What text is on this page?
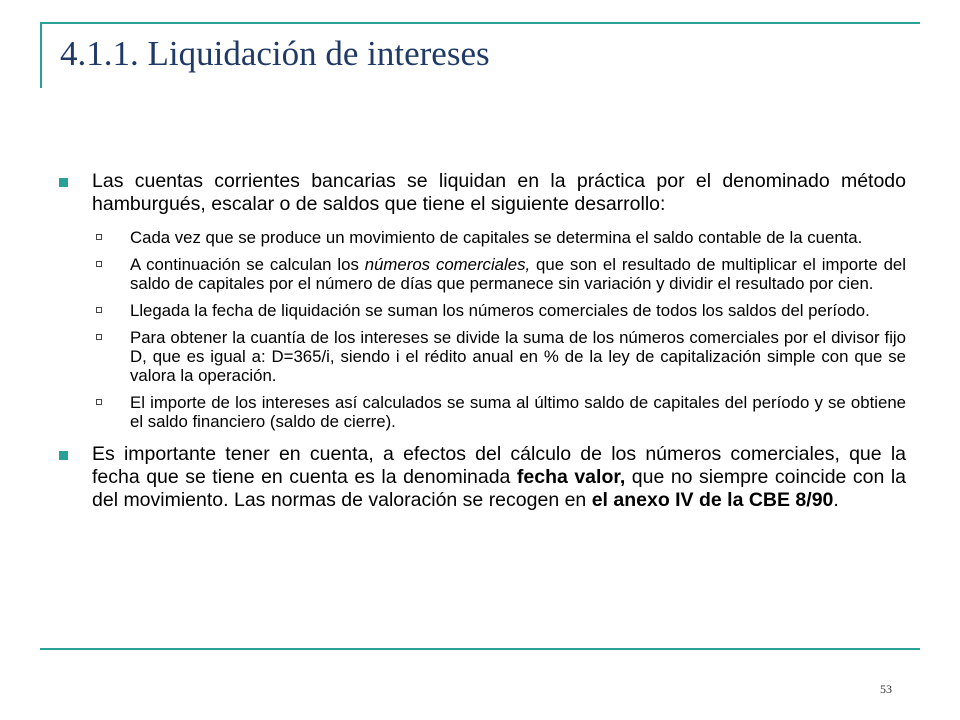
4.1.1. Liquidación de intereses

Las cuentas corrientes bancarias se liquidan en la práctica por el denominado método hamburgués, escalar o de saldos que tiene el siguiente desarrollo:

Cada vez que se produce un movimiento de capitales se determina el saldo contable de la cuenta.
A continuación se calculan los números comerciales, que son el resultado de multiplicar el importe del saldo de capitales por el número de días que permanece sin variación y dividir el resultado por cien.
Llegada la fecha de liquidación se suman los números comerciales de todos los saldos del período.
Para obtener la cuantía de los intereses se divide la suma de los números comerciales por el divisor fijo D, que es igual a: D=365/i, siendo i el rédito anual en % de la ley de capitalización simple con que se valora la operación.
El importe de los intereses así calculados se suma al último saldo de capitales del período y se obtiene el saldo financiero (saldo de cierre).

Es importante tener en cuenta, a efectos del cálculo de los números comerciales, que la fecha que se tiene en cuenta es la denominada fecha valor, que no siempre coincide con la del movimiento. Las normas de valoración se recogen en el anexo IV de la CBE 8/90.

53
